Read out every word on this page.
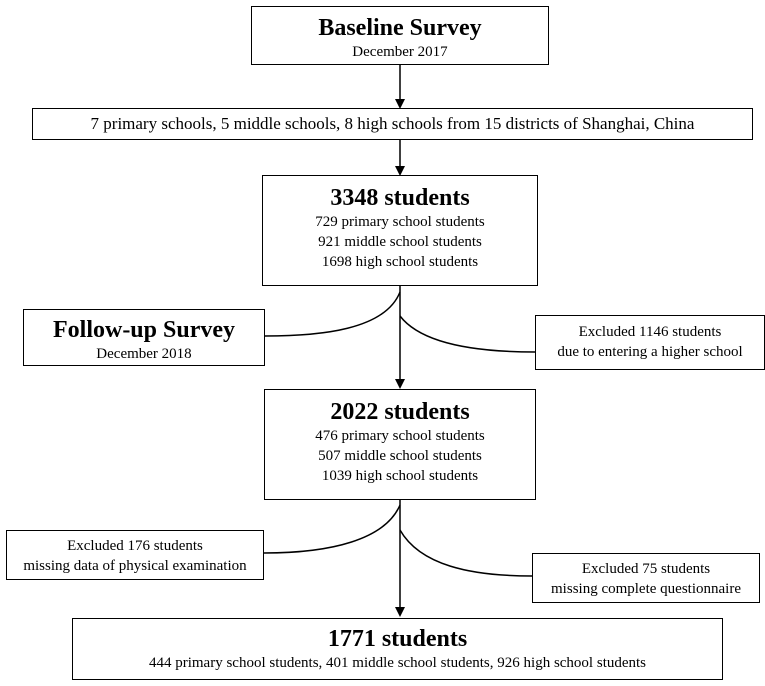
Baseline Survey
December 2017
7 primary schools, 5 middle schools, 8 high schools from 15 districts of Shanghai, China
3348 students
729 primary school students
921 middle school students
1698 high school students
Follow-up Survey
December 2018
Excluded 1146 students
due to entering a higher school
2022 students
476 primary school students
507 middle school students
1039 high school students
Excluded 176 students
missing data of physical examination	Excluded 75 students
missing complete questionnaire
1771 students
444 primary school students, 401 middle school students, 926 high school students
